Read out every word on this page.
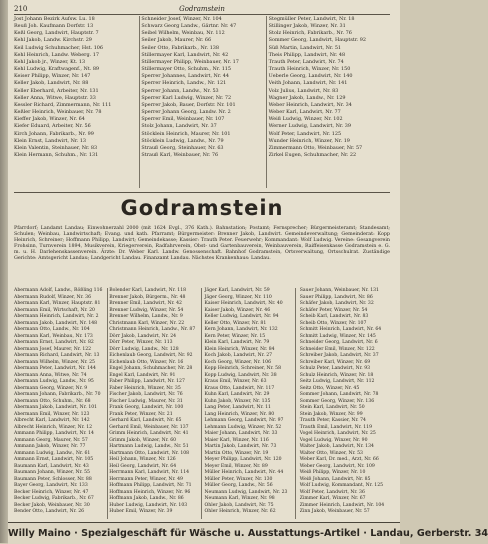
210	Godramstein
Jost Johann Bezirk Aufsw. Lu. 18
Reuß Joh. Kaufmann Dorfstr. 13
Keßl Georg, Landwirt, Hauptstr. 7
Kehl Jakob, Landw. Kirchstr. 29
Keil Ludwig Schuhmacher, Hst. 106
Kehl Heinrich, Landw. Weberg. 17
Kehl Jakob jr., Winzer, Kt. 13
Kehl Ludwig, Kraftwagenf., Nt. 89
Keiser Philipp, Winzer, Nr. 147
Keller Jakob, Landwirt, Nr. 88
Keller Eberhard, Arbeiter, Nr. 131
Keller Anna, Witwe, Hauptstr. 33
Kessler Richard, Zimmermann, Nr. 111
Keßler Heinrich, Weinbauer, Nr. 78
Kieffer Jakob, Winzer, Nr. 64
Kiefer Eduard, Arbeiter, Nr. 56
Kirch Johann, Fabrikarb., Nr. 99
Klein Ernst, Landwirt, Nr. 13
Klein Valentin, Steinhauer, Nr. 83
Klein Hermann, Schuhm., Nr. 131
Schneider Josef, Winzer, Nr. 104
Schwarz Georg Landw., Gärtnr. Nr. 47
Seibel Wilhelm, Weinbau, Nr. 112
Seiler Jakob, Maurer, Nr. 66
Seiler Otto, Fabrikarb., Nr. 138
Stillermayer Karl, Landwirt, Nr. 42
Stillermayer Philipp, Weinbauer, Nr. 17
Stillermayer Otto, Schuhm., Nr. 115
Sperrer Johannes, Landwirt, Nr. 44
Sperrer Heinrich, Landw., Nr. 121
Sperrer Johann, Landw., Nr. 53
Sperrer Karl Ludwig, Winzer, Nr. 72
Sperrer Jakob, Bauer, Dorfstr. Nr. 101
Sperrer Johann Georg, Landw. Nr. 2
Sperrer Emil, Weinbauer, Nr. 107
Stolz Johann, Landwirt, Nr. 37
Stöcklein Heinrich, Maurer, Nr. 101
Stöcklein Ludwig, Landw., Nr. 79
Strauß Georg, Steinhauer, Nr. 63
Strauß Karl, Weinbauer, Nr. 76
Stegmüller Peter, Landwirt, Nr. 18
Stillinger Jakob, Winzer, Nr. 31
Stolz Heinrich, Fabrikarb., Nr. 76
Sommer Georg, Landwirt, Hauptstr. 92
Süß Martin, Landwirt, Nr. 51
Theis Philipp, Landwirt, Nr. 48
Trauth Peter, Landwirt, Nr. 74
Trauth Heinrich, Winzer, Nr. 150
Ueberle Georg, Landwirt, Nr. 140
Veith Johann, Landwirt, Nr. 141
Volz Julius, Landwirt, Nr. 83
Wagner Jakob, Landw., Nr. 129
Weber Heinrich, Landwirt, Nr. 34
Weber Karl, Landwirt, Nr. 77
Weiß Ludwig, Winzer, Nr. 102
Werner Ludwig, Landwirt, Nr. 39
Wolf Peter, Landwirt, Nr. 125
Wunder Heinrich, Winzer, Nr. 19
Zimmermann Otto, Weinbauer, Nr. 57
Zirkel Eugen, Schuhmacher, Nr. 22
Godramstein
Pfarrdorf; Landamt Landau; Einwohnerzahl 2000 (mit 1624 Evgl., 376 Kath.). Bahnstation; Postamt; Fernsprecher; Bürgermeisteramt; Standesamt; Schulen; Weinbau, Landwirtschaft; Evang. und kath. Pfarramt; Bürgermeister: Brenner Jakob, Landwirt. Gemeindeverwaltung; Gemeinderat: Kopp Heinrich, Schreiner; Hoffmann Philipp, Landwirt; Gemeindekasse; Kassier: Trauth Peter. Feuerwehr; Kommandant: Wolf Ludwig. Vereine: Gesangverein Frohsinn, Turnverein 1894, Musikverein, Kriegerverein, Radfahrverein, Obst- und Gartenbauverein, Weinbauverein, Raiffeisenkasse Godramstein e. G. m. u. H. Darlehenskassenverein. Ärzte: Dr. Weber Karl. Landw. Genossenschaft. Bahnhof Godramstein, Ortsverwaltung, Ortsschulrat. Zuständige Gerichte: Amtsgericht Landau; Landgericht Landau. Finanzamt Landau. Nächstes Krankenhaus: Landau.
Abermann Adolf, Landw., Rößling 116
Abermann Rudolf, Winzer, Nr. 36
Abermann Karl, Winzer, Hauptstr. 81
Abermann Emil, Wirtschaft, Nr. 20
Abermann Heinrich, Landwirt, Nr. 2
Abermann Jakob, Landwirt, Nr. 148
Abermann Otto, Landw., Nr. 104
Abermann Karl, Weinbau, Nr. 173
Abermann Ernst, Landwirt, Nr. 82
Abermann Josef, Maurer, Nr. 122
Abermann Richard, Landwirt, Nr. 13
Abermann Wilhelm, Winzer, Nr. 25
Abermann Peter, Landwirt, Nr. 144
Abermann Anna, Witwe, Nr. 74
Abermann Ludwig, Landw., Nr. 95
Abermann Georg, Winzer, Nr. 9
Abermann Johann, Fabrikarb., Nr. 70
Abermann Otto, Schuhm., Nr. 68
Abermann Jakob, Landwirt, Nr. 101
Abermann Emil, Winzer, Nr. 123
Albrecht Karl, Landwirt, Nr. 142
Albrecht Heinrich, Winzer, Nr. 12
Ammann Philipp, Landwirt, Nr. 14
Ammann Georg, Maurer, Nr. 57
Ammann Jakob, Winzer, Nr. 77
Ammann Ludwig, Landw., Nr. 61
Ammann Ernst, Landwirt, Nr. 105
Baumann Karl, Landwirt, Nr. 43
Baumann Johann, Winzer, Nr. 55
Baumann Peter, Schlosser, Nr. 88
Bayer Georg, Landwirt, Nr. 133
Becker Heinrich, Winzer, Nr. 47
Becker Ludwig, Fabrikarb., Nr. 67
Becker Jakob, Weinbauer, Nr. 30
Bender Otto, Landwirt, Nr. 26
Bolender Karl, Landwirt, Nr. 118
Brenner Jakob, Bürgerm., Nr. 48
Brenner Emil, Landwirt, Nr. 42
Brenner Ludwig, Winzer, Nr. 54
Brenner Wilhelm, Landw., Nr. 9
Christmann Karl, Winzer, Nr. 22
Christmann Heinrich, Landw., Nr. 87
Dörr Jakob, Landwirt, Nr. 24
Dörr Peter, Winzer, Nr. 113
Dörr Ludwig, Landw., Nr. 128
Eichenlaub Georg, Landwirt, Nr. 92
Eichenlaub Otto, Winzer, Nr. 16
Engel Johann, Schuhmacher, Nr. 28
Engel Karl, Landwirt, Nr. 91
Faber Philipp, Landwirt, Nr. 127
Faber Heinrich, Winzer, Nr. 35
Fischer Jakob, Landwirt, Nr. 76
Fischer Ludwig, Maurer, Nr. 31
Frank Georg, Landwirt, Nr. 100
Frank Peter, Winzer, Nr. 21
Gerhard Karl, Landwirt, Nr. 65
Gerhard Emil, Weinbauer, Nr. 137
Grimm Heinrich, Landwirt, Nr. 41
Grimm Jakob, Winzer, Nr. 60
Hartmann Ludwig, Landw., Nr. 51
Hartmann Otto, Landwirt, Nr. 108
Heil Johann, Winzer, Nr. 126
Heil Georg, Landwirt, Nr. 64
Herrmann Karl, Landwirt, Nr. 114
Herrmann Peter, Winzer, Nr. 49
Hoffmann Philipp, Landwirt, Nr. 71
Hoffmann Heinrich, Winzer, Nr. 96
Hoffmann Jakob, Landw., Nr. 86
Huber Ludwig, Landwirt, Nr. 103
Huber Emil, Winzer, Nr. 39
Jäger Karl, Landwirt, Nr. 59
Jäger Georg, Winzer, Nr. 110
Kaiser Heinrich, Landwirt, Nr. 40
Kaiser Jakob, Winzer, Nr. 46
Keller Ludwig, Landwirt, Nr. 94
Keller Otto, Winzer, Nr. 81
Kern Johann, Landwirt, Nr. 132
Kern Peter, Winzer, Nr. 15
Klein Karl, Landwirt, Nr. 79
Klein Heinrich, Winzer, Nr. 84
Koch Jakob, Landwirt, Nr. 27
Koch Georg, Winzer, Nr. 106
Kopp Heinrich, Schreiner, Nr. 58
Kopp Ludwig, Landwirt, Nr. 38
Kraus Emil, Winzer, Nr. 63
Kraus Otto, Landwirt, Nr. 117
Kuhn Karl, Landwirt, Nr. 29
Kuhn Jakob, Winzer, Nr. 135
Lang Peter, Landwirt, Nr. 11
Lang Heinrich, Winzer, Nr. 80
Lehmann Georg, Landwirt, Nr. 97
Lehmann Ludwig, Winzer, Nr. 52
Maier Johann, Landwirt, Nr. 33
Maier Karl, Winzer, Nr. 116
Martin Jakob, Landwirt, Nr. 73
Martin Otto, Winzer, Nr. 19
Meyer Philipp, Landwirt, Nr. 120
Meyer Emil, Winzer, Nr. 89
Müller Heinrich, Landwirt, Nr. 44
Müller Peter, Winzer, Nr. 130
Müller Georg, Landw., Nr. 56
Neumann Ludwig, Landwirt, Nr. 23
Neumann Karl, Winzer, Nr. 98
Ohler Jakob, Landwirt, Nr. 75
Ohler Heinrich, Winzer, Nr. 62
Sauer Johann, Weinbauer, Nr. 131
Sauer Philipp, Landwirt, Nr. 86
Schäfer Jakob, Landwirt, Nr. 32
Schäfer Peter, Winzer, Nr. 54
Scheib Karl, Landwirt, Nr. 83
Scheib Otto, Winzer, Nr. 107
Schmitt Heinrich, Landwirt, Nr. 64
Schmitt Ludwig, Winzer, Nr. 145
Schneider Georg, Landwirt, Nr. 6
Schneider Emil, Winzer, Nr. 122
Schreiber Jakob, Landwirt, Nr. 37
Schreiber Karl, Winzer, Nr. 69
Schulz Peter, Landwirt, Nr. 93
Schulz Heinrich, Winzer, Nr. 18
Seitz Ludwig, Landwirt, Nr. 112
Seitz Otto, Winzer, Nr. 45
Sommer Johann, Landwirt, Nr. 78
Sommer Georg, Winzer, Nr. 136
Stein Karl, Landwirt, Nr. 50
Stein Jakob, Winzer, Nr. 99
Trauth Peter, Kassier, Nr. 74
Trauth Emil, Landwirt, Nr. 119
Vogel Heinrich, Landwirt, Nr. 25
Vogel Ludwig, Winzer, Nr. 90
Walter Jakob, Landwirt, Nr. 134
Walter Otto, Winzer, Nr. 53
Weber Karl, Dr. med., Arzt, Nr. 66
Weber Georg, Landwirt, Nr. 109
Weiß Philipp, Winzer, Nr. 10
Weiß Johann, Landwirt, Nr. 85
Wolf Ludwig, Kommandant, Nr. 125
Wolf Peter, Landwirt, Nr. 36
Zimmer Karl, Winzer, Nr. 67
Zimmer Heinrich, Landwirt, Nr. 104
Zinn Jakob, Weinbauer, Nr. 57
Willy Maino · Spezialgeschäft für Wäsche u. Ausstattungs-Artikel · Landau, Gerberstr. 34
